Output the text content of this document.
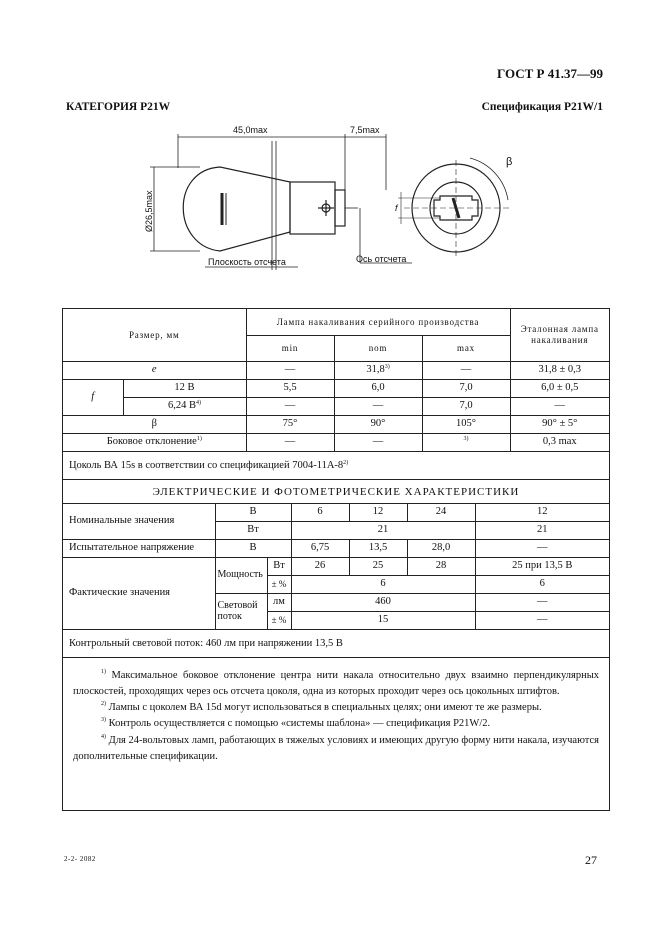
ГОСТ Р 41.37—99
КАТЕГОРИЯ P21W	Спецификация P21W/1
45,0max	7,5max
Ø26,5max
Плоскость отсчета	Ось отсчета
f
β
Размер, мм		Лампа накаливания серийного производства			Эталонная лампа накаливания
		min	nom	max	
e		—	31,8$^{3)}$	—	31,8 ± 0,3
f	12 В	5,5	6,0	7,0	6,0 ± 0,5
	6,24 $В^{4)}$	—	—	7,0	—
β		75°	90°	105°	90° ± 5°
Боковое отклонение$^{1)}$		—	—	$^{3)}$	0,3 max
Цоколь ВА 15s в соответствии со спецификацией 7004-11А-8$^{2)}$
ЭЛЕКТРИЧЕСКИЕ И ФОТОМЕТРИЧЕСКИЕ ХАРАКТЕРИСТИКИ
Номинальные значения	В		6	12	24	12
	Вт		21			21
Испытательное напряжение	В		6,75	13,5	28,0	—
Фактические значения	Мощность	Вт	26	25	28	25 при 13,5 В
		± %	6			6
	Световой поток	лм	460			—
		± %	15			—
Контрольный световой поток: 460 лм при напряжении 13,5 В

$^{1)}$ Максимальное боковое отклонение центра нити накала относительно двух взаимно перпендикулярных плоскостей, проходящих через ось отсчета цоколя, одна из которых проходит через ось цокольных штифтов.

$^{2)}$ Лампы с цоколем ВА 15d могут использоваться в специальных целях; они имеют те же размеры.

$^{3)}$ Контроль осуществляется с помощью «системы шаблона» — спецификация P21W/2.

$^{4)}$ Для 24-вольтовых ламп, работающих в тяжелых условиях и имеющих другую форму нити накала, изучаются дополнительные спецификации.

2-2- 2082	27
